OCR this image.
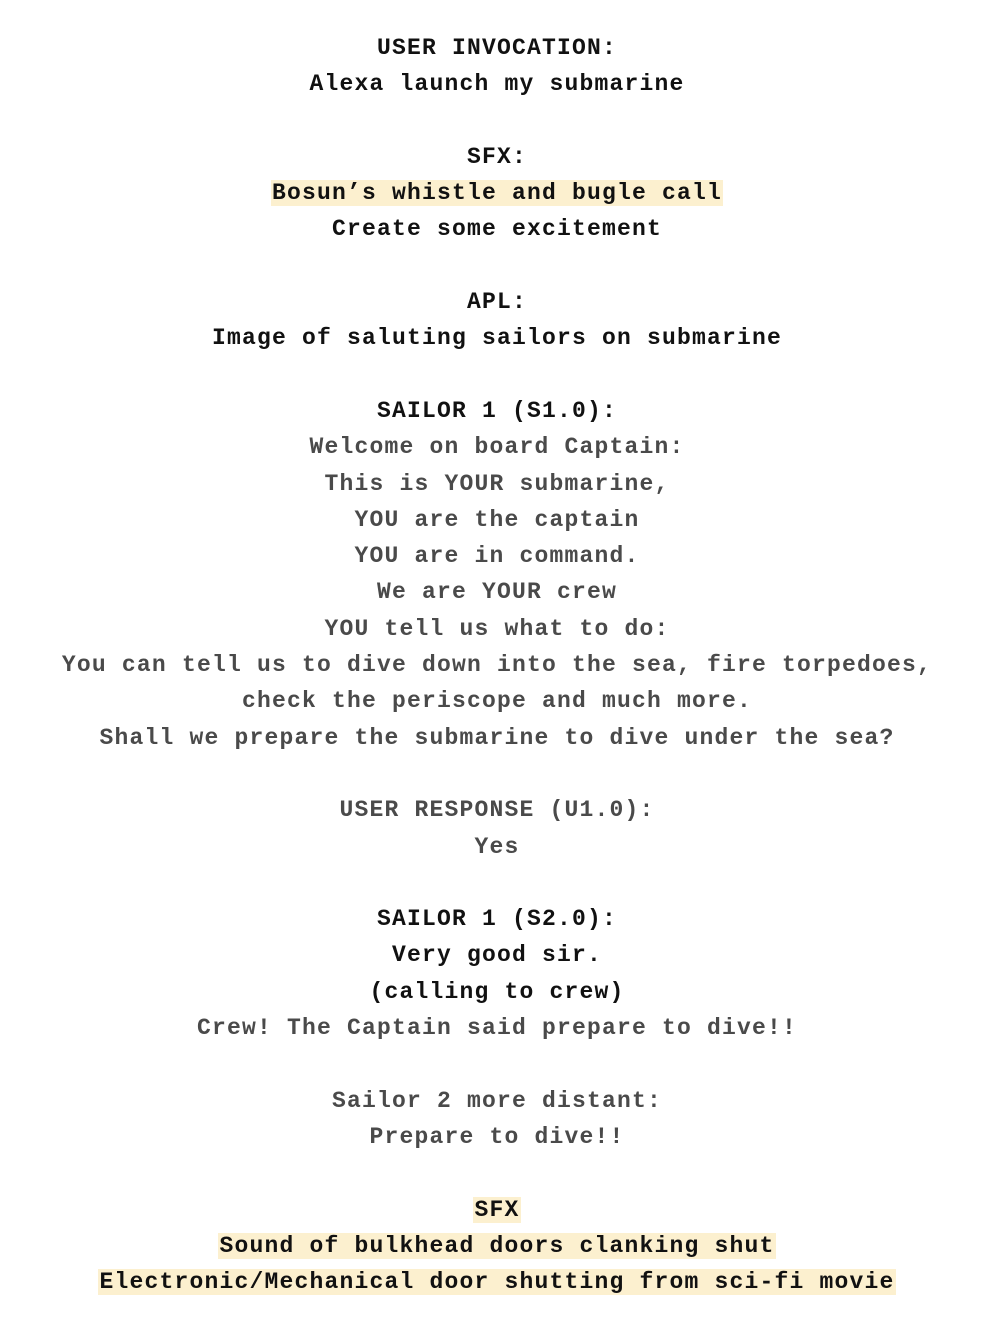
USER INVOCATION:
Alexa launch my submarine
SFX:
Bosun’s whistle and bugle call
Create some excitement
APL:
Image of saluting sailors on submarine
SAILOR 1 (S1.0):
Welcome on board Captain:
This is YOUR submarine,
YOU are the captain
YOU are in command.
We are YOUR crew
YOU tell us what to do:
You can tell us to dive down into the sea, fire torpedoes,
check the periscope and much more.
Shall we prepare the submarine to dive under the sea?
USER RESPONSE (U1.0):
Yes
SAILOR 1 (S2.0):
Very good sir.
(calling to crew)
Crew! The Captain said prepare to dive!!
Sailor 2 more distant:
Prepare to dive!!
SFX
Sound of bulkhead doors clanking shut
Electronic/Mechanical door shutting from sci-fi movie
